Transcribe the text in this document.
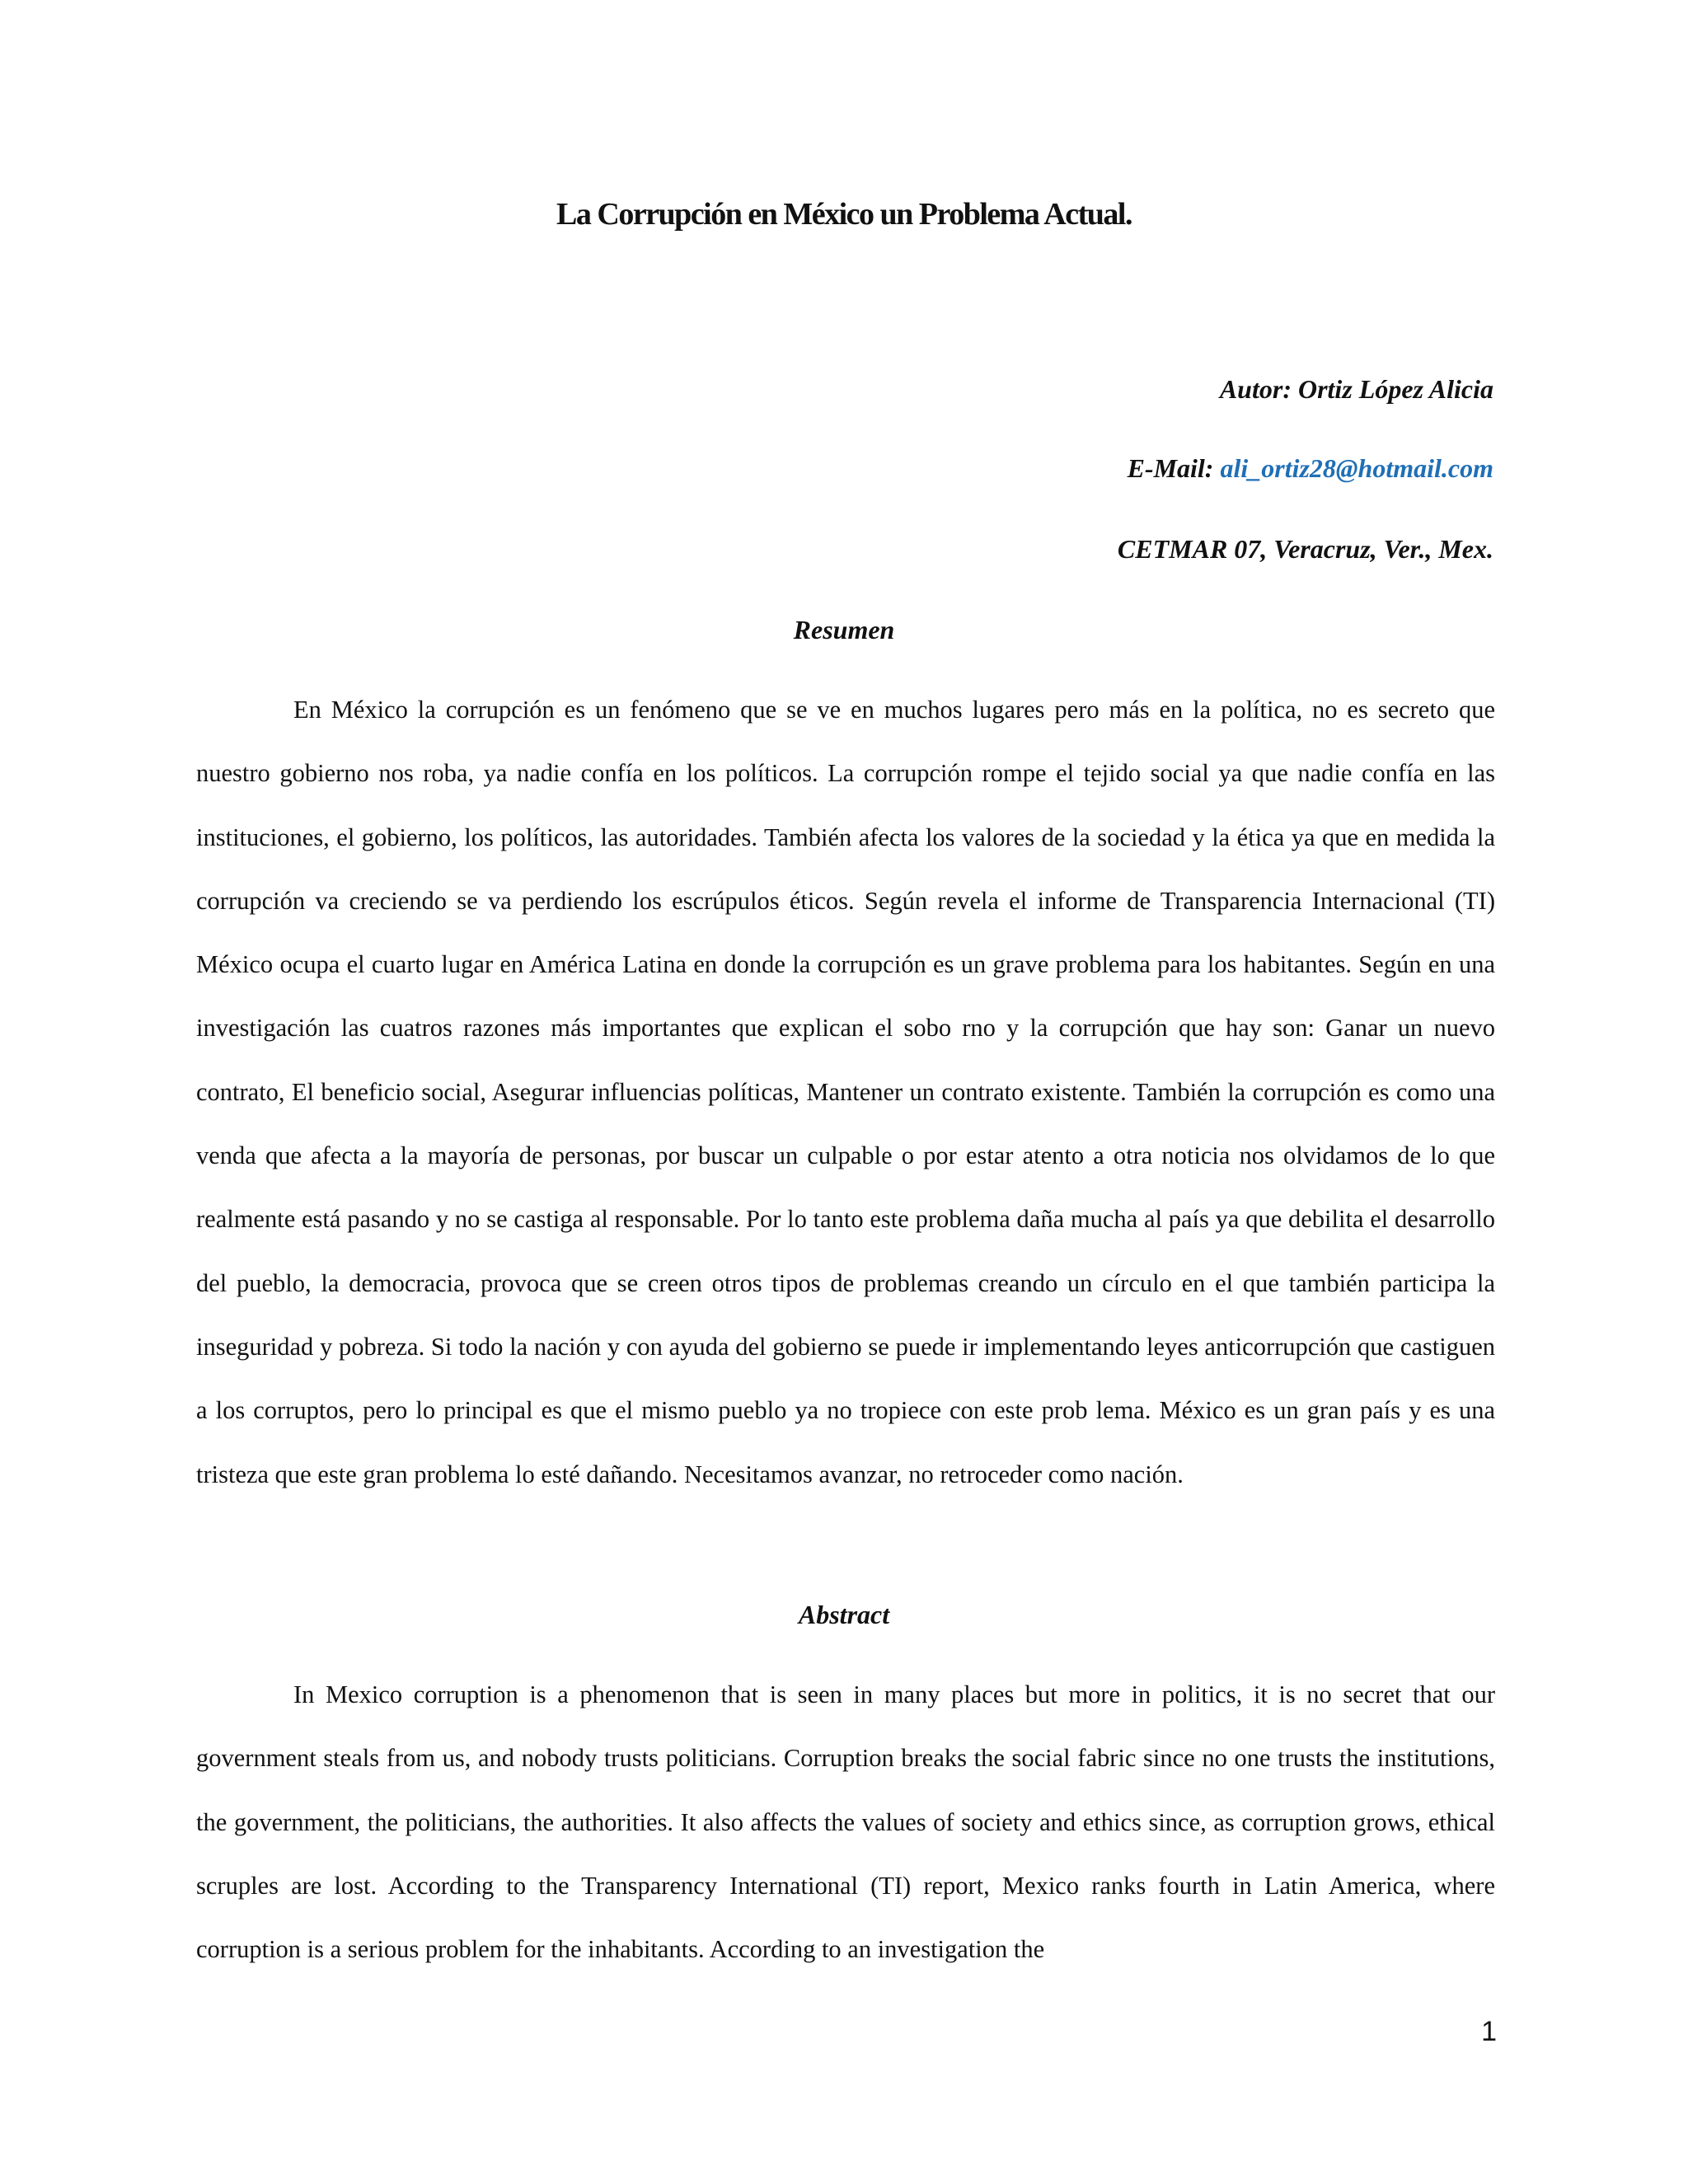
La Corrupción en México un Problema Actual.
Autor: Ortiz López Alicia
E-Mail: ali_ortiz28@hotmail.com
CETMAR 07, Veracruz, Ver., Mex.
Resumen

En México la corrupción es un fenómeno que se ve en muchos lugares pero más en la política, no es secreto que nuestro gobierno nos roba, ya nadie confía en los políticos. La corrupción rompe el tejido social ya que nadie confía en las instituciones, el gobierno, los políticos, las autoridades. También afecta los valores de la sociedad y la ética ya que en medida la corrupción va creciendo se va perdiendo los escrúpulos éticos. Según revela el informe de Transparencia Internacional (TI) México ocupa el cuarto lugar en América Latina en donde la corrupción es un grave problema para los habitantes. Según en una investigación las cuatros razones más importantes que explican el sobo rno y la corrupción que hay son: Ganar un nuevo contrato, El beneficio social, Asegurar influencias políticas, Mantener un contrato existente. También la corrupción es como una venda que afecta a la mayoría de personas, por buscar un culpable o por estar atento a otra noticia nos olvidamos de lo que realmente está pasando y no se castiga al responsable. Por lo tanto este problema daña mucha al país ya que debilita el desarrollo del pueblo, la democracia, provoca que se creen otros tipos de problemas creando un círculo en el que también participa la inseguridad y pobreza. Si todo la nación y con ayuda del gobierno se puede ir implementando leyes anticorrupción que castiguen a los corruptos, pero lo principal es que el mismo pueblo ya no tropiece con este prob lema. México es un gran país y es una tristeza que este gran problema lo esté dañando. Necesitamos avanzar, no retroceder como nación.

Abstract

In Mexico corruption is a phenomenon that is seen in many places but more in politics, it is no secret that our government steals from us, and nobody trusts politicians. Corruption breaks the social fabric since no one trusts the institutions, the government, the politicians, the authorities. It also affects the values of society and ethics since, as corruption grows, ethical scruples are lost. According to the Transparency International (TI) report, Mexico ranks fourth in Latin America, where corruption is a serious problem for the inhabitants. According to an investigation the

1
